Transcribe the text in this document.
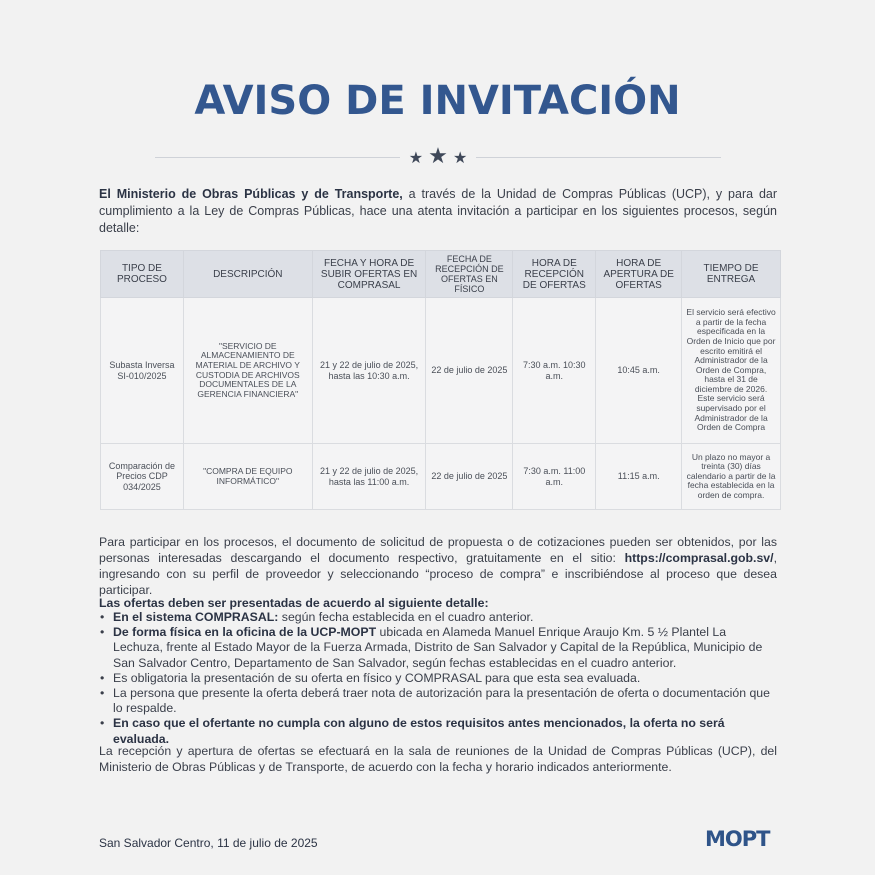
AVISO DE INVITACIÓN
★ ★ ★

El Ministerio de Obras Públicas y de Transporte, a través de la Unidad de Compras Públicas (UCP), y para dar cumplimiento a la Ley de Compras Públicas, hace una atenta invitación a participar en los siguientes procesos, según detalle:

TIPO DE PROCESO	DESCRIPCIÓN	FECHA Y HORA DE SUBIR OFERTAS EN COMPRASAL	FECHA DE RECEPCIÓN DE OFERTAS EN FÍSICO	HORA DE RECEPCIÓN DE OFERTAS	HORA DE APERTURA DE OFERTAS	TIEMPO DE ENTREGA
Subasta Inversa SI-010/2025	"SERVICIO DE ALMACENAMIENTO DE MATERIAL DE ARCHIVO Y CUSTODIA DE ARCHIVOS DOCUMENTALES DE LA GERENCIA FINANCIERA"	21 y 22 de julio de 2025, hasta las 10:30 a.m.	22 de julio de 2025	7:30 a.m. 10:30 a.m.	10:45 a.m.	El servicio será efectivo a partir de la fecha especificada en la Orden de Inicio que por escrito emitirá el Administrador de la Orden de Compra, hasta el 31 de diciembre de 2026. Este servicio será supervisado por el Administrador de la Orden de Compra
Comparación de Precios CDP 034/2025	"COMPRA DE EQUIPO INFORMÁTICO"	21 y 22 de julio de 2025, hasta las 11:00 a.m.	22 de julio de 2025	7:30 a.m. 11:00 a.m.	11:15 a.m.	Un plazo no mayor a treinta (30) días calendario a partir de la fecha establecida en la orden de compra.

Para participar en los procesos, el documento de solicitud de propuesta o de cotizaciones pueden ser obtenidos, por las personas interesadas descargando el documento respectivo, gratuitamente en el sitio: https://comprasal.gob.sv/, ingresando con su perfil de proveedor y seleccionando “proceso de compra” e inscribiéndose al proceso que desea participar.

Las ofertas deben ser presentadas de acuerdo al siguiente detalle:

• En el sistema COMPRASAL: según fecha establecida en el cuadro anterior.
• De forma física en la oficina de la UCP-MOPT ubicada en Alameda Manuel Enrique Araujo Km. 5 ½ Plantel La Lechuza, frente al Estado Mayor de la Fuerza Armada, Distrito de San Salvador y Capital de la República, Municipio de San Salvador Centro, Departamento de San Salvador, según fechas establecidas en el cuadro anterior.
• Es obligatoria la presentación de su oferta en físico y COMPRASAL para que esta sea evaluada.
• La persona que presente la oferta deberá traer nota de autorización para la presentación de oferta o documentación que lo respalde.
• En caso que el ofertante no cumpla con alguno de estos requisitos antes mencionados, la oferta no será evaluada.

La recepción y apertura de ofertas se efectuará en la sala de reuniones de la Unidad de Compras Públicas (UCP), del Ministerio de Obras Públicas y de Transporte, de acuerdo con la fecha y horario indicados anteriormente.

San Salvador Centro, 11 de julio de 2025	MOPT
